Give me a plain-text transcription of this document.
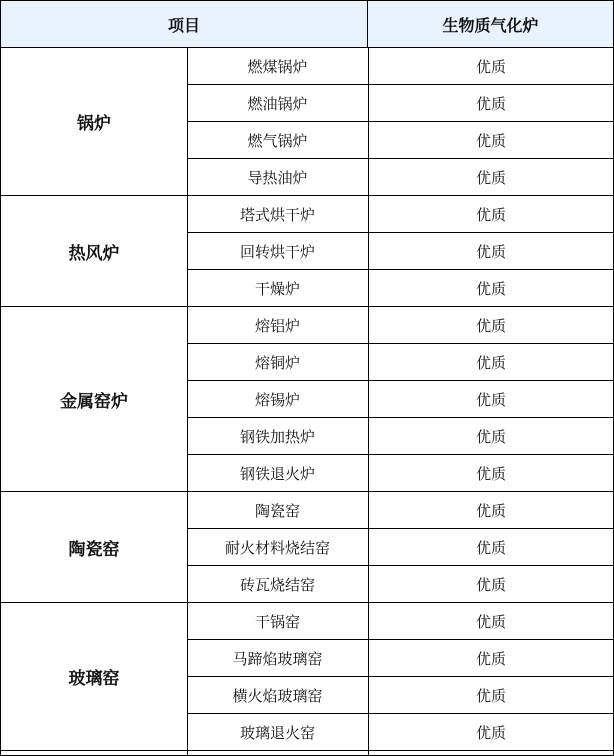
项目	生物质气化炉
锅炉
燃煤锅炉	优质
燃油锅炉	优质
燃气锅炉	优质
导热油炉	优质
热风炉
塔式烘干炉	优质
回转烘干炉	优质
干燥炉	优质
金属窑炉
熔铝炉	优质
熔铜炉	优质
熔锡炉	优质
钢铁加热炉	优质
钢铁退火炉	优质
陶瓷窑
陶瓷窑	优质
耐火材料烧结窑	优质
砖瓦烧结窑	优质
玻璃窑
干锅窑	优质
马蹄焰玻璃窑	优质
横火焰玻璃窑	优质
玻璃退火窑	优质
